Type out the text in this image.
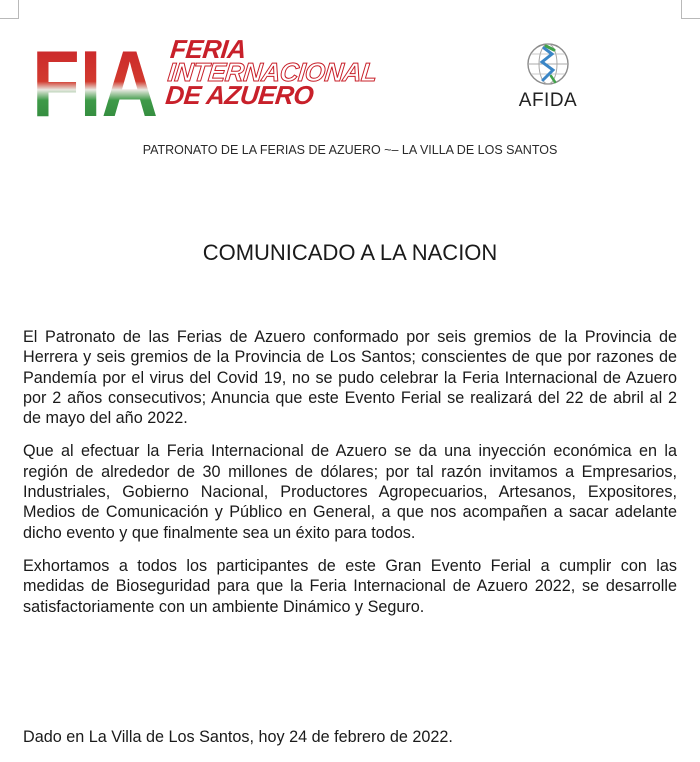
FIA FERIA
INTERNACIONAL
DE AZUERO	AFIDA
PATRONATO DE LA FERIAS DE AZUERO ~– LA VILLA DE LOS SANTOS
COMUNICADO A LA NACION

El Patronato de las Ferias de Azuero conformado por seis gremios de la Provincia de Herrera y seis gremios de la Provincia de Los Santos; conscientes de que por razones de Pandemía por el virus del Covid 19, no se pudo celebrar la Feria Internacional de Azuero por 2 años consecutivos; Anuncia que este Evento Ferial se realizará del 22 de abril al 2 de mayo del año 2022.

Que al efectuar la Feria Internacional de Azuero se da una inyección económica en la región de alrededor de 30 millones de dólares; por tal razón invitamos a Empresarios, Industriales, Gobierno Nacional, Productores Agropecuarios, Artesanos, Expositores, Medios de Comunicación y Público en General, a que nos acompañen a sacar adelante dicho evento y que finalmente sea un éxito para todos.

Exhortamos a todos los participantes de este Gran Evento Ferial a cumplir con las medidas de Bioseguridad para que la Feria Internacional de Azuero 2022, se desarrolle satisfactoriamente con un ambiente Dinámico y Seguro.

Dado en La Villa de Los Santos, hoy 24 de febrero de 2022.
